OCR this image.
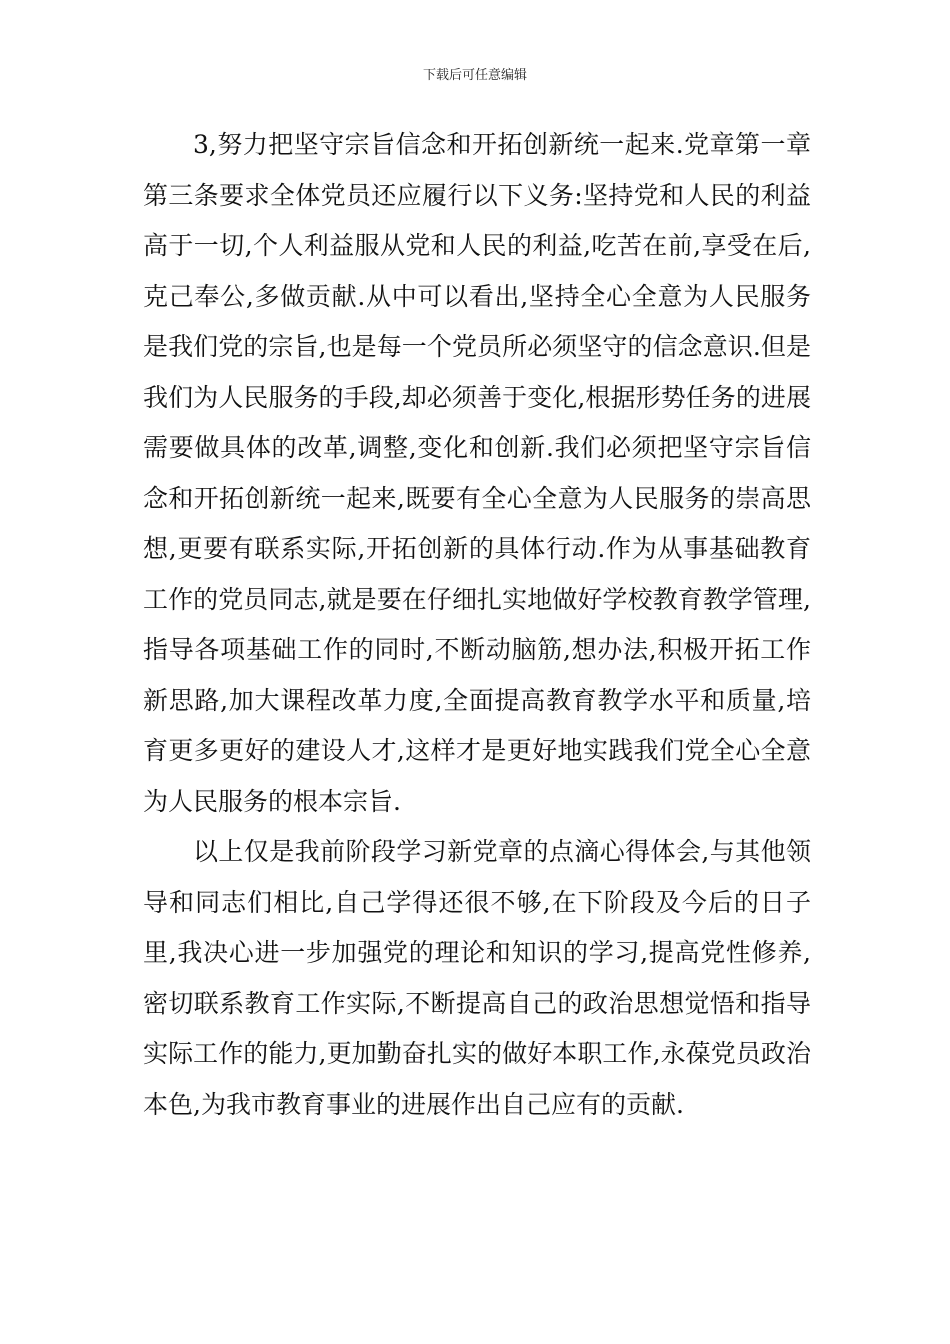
下载后可任意编辑

3,努力把坚守宗旨信念和开拓创新统一起来.党章第一章第三条要求全体党员还应履行以下义务:坚持党和人民的利益高于一切,个人利益服从党和人民的利益,吃苦在前,享受在后,克己奉公,多做贡献.从中可以看出,坚持全心全意为人民服务是我们党的宗旨,也是每一个党员所必须坚守的信念意识.但是我们为人民服务的手段,却必须善于变化,根据形势任务的进展需要做具体的改革,调整,变化和创新.我们必须把坚守宗旨信念和开拓创新统一起来,既要有全心全意为人民服务的崇高思想,更要有联系实际,开拓创新的具体行动.作为从事基础教育工作的党员同志,就是要在仔细扎实地做好学校教育教学管理,指导各项基础工作的同时,不断动脑筋,想办法,积极开拓工作新思路,加大课程改革力度,全面提高教育教学水平和质量,培育更多更好的建设人才,这样才是更好地实践我们党全心全意为人民服务的根本宗旨.

以上仅是我前阶段学习新党章的点滴心得体会,与其他领导和同志们相比,自己学得还很不够,在下阶段及今后的日子里,我决心进一步加强党的理论和知识的学习,提高党性修养,密切联系教育工作实际,不断提高自己的政治思想觉悟和指导实际工作的能力,更加勤奋扎实的做好本职工作,永葆党员政治本色,为我市教育事业的进展作出自己应有的贡献.
